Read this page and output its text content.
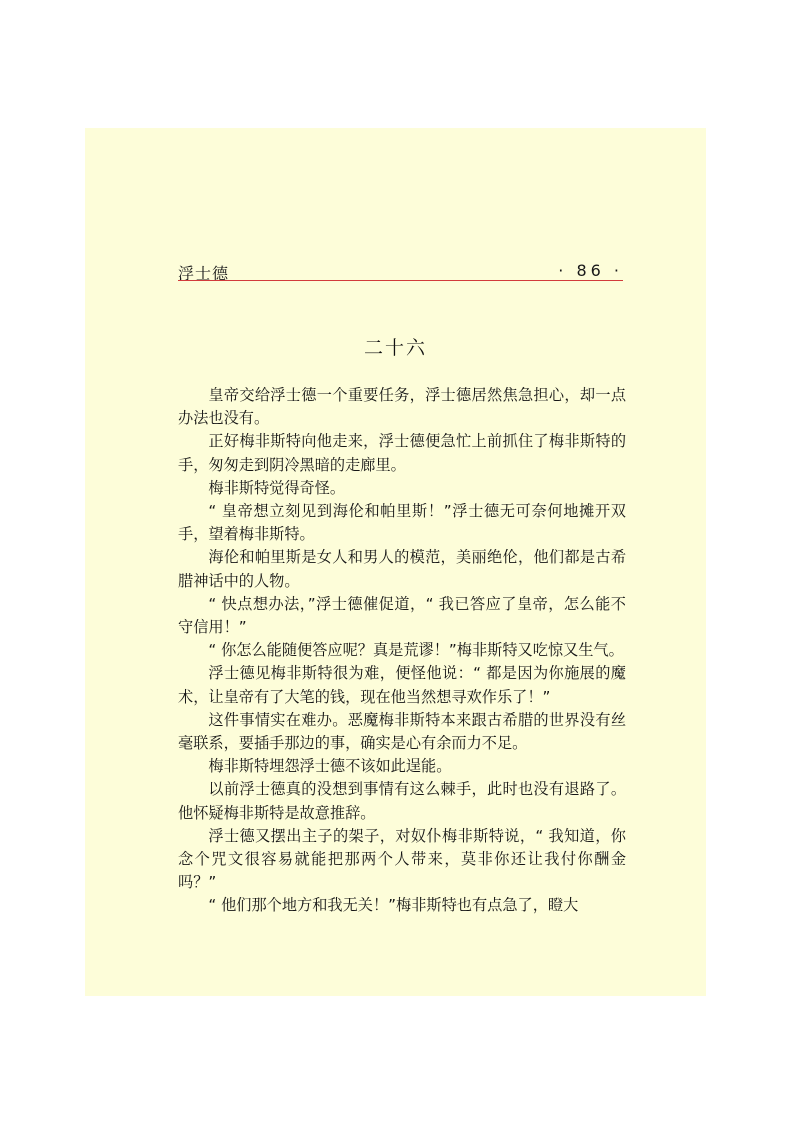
浮士德	· 86 ·
二十六

皇帝交给浮士德一个重要任务，浮士德居然焦急担心，却一点办法也没有。

正好梅非斯特向他走来，浮士德便急忙上前抓住了梅非斯特的手，匆匆走到阴冷黑暗的走廊里。

梅非斯特觉得奇怪。

“ 皇帝想立刻见到海伦和帕里斯！”浮士德无可奈何地摊开双手，望着梅非斯特。

海伦和帕里斯是女人和男人的模范，美丽绝伦，他们都是古希腊神话中的人物。

“ 快点想办法，”浮士德催促道，“ 我已答应了皇帝，怎么能不守信用！”

“ 你怎么能随便答应呢？真是荒谬！”梅非斯特又吃惊又生气。

浮士德见梅非斯特很为难，便怪他说：“ 都是因为你施展的魔术，让皇帝有了大笔的钱，现在他当然想寻欢作乐了！”

这件事情实在难办。恶魔梅非斯特本来跟古希腊的世界没有丝毫联系，要插手那边的事，确实是心有余而力不足。

梅非斯特埋怨浮士德不该如此逞能。

以前浮士德真的没想到事情有这么棘手，此时也没有退路了。他怀疑梅非斯特是故意推辞。

浮士德又摆出主子的架子，对奴仆梅非斯特说，“ 我知道，你念个咒文很容易就能把那两个人带来，莫非你还让我付你酬金吗？”

“ 他们那个地方和我无关！”梅非斯特也有点急了，瞪大
